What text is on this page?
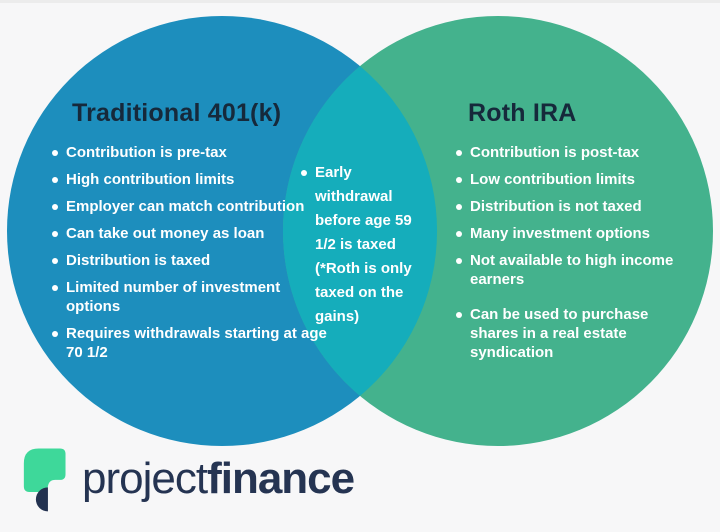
Traditional 401(k)
Contribution is pre-tax
High contribution limits
Employer can match contribution
Can take out money as loan
Distribution is taxed
Limited number of investment options
Requires withdrawals starting at age 70 1/2
Early withdrawal before age 59 1/2 is taxed (*Roth is only taxed on the gains)
Roth IRA
Contribution is post-tax
Low contribution limits
Distribution is not taxed
Many investment options
Not available to high income earners
Can be used to purchase shares in a real estate syndication
projectfinance
